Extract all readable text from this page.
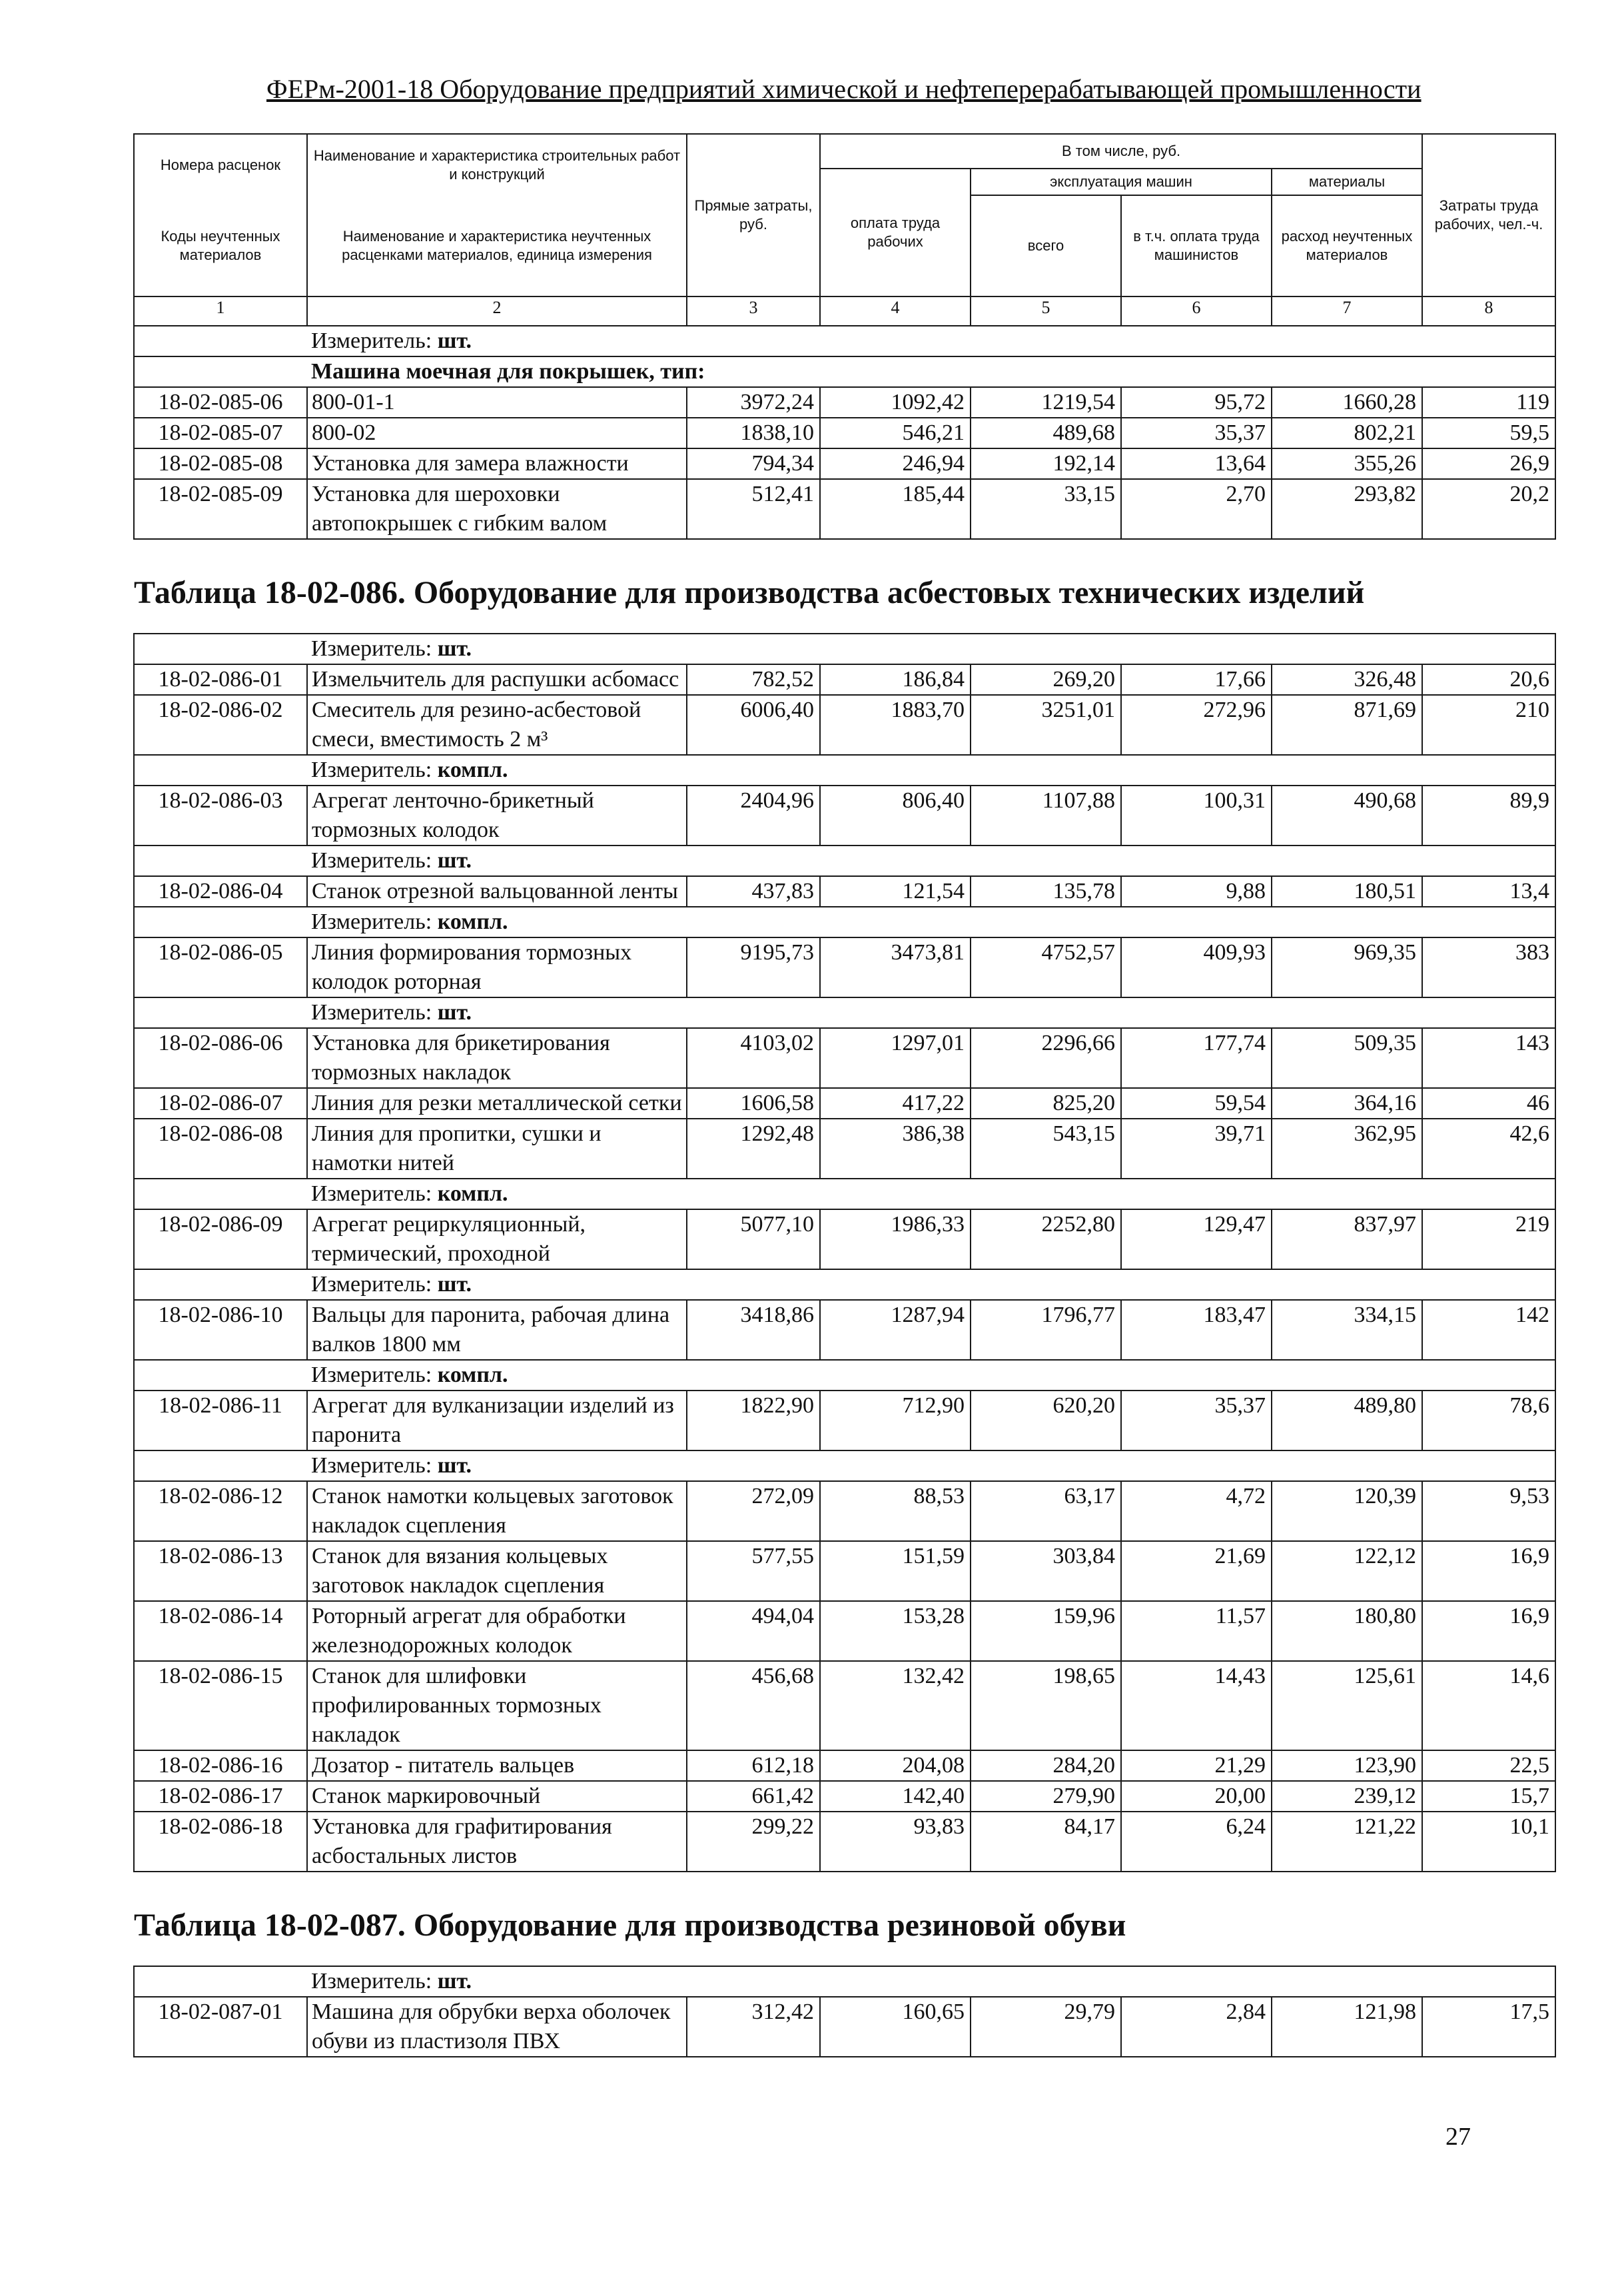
ФЕРм-2001-18 Оборудование предприятий химической и нефтеперерабатывающей промышленности
Номера расценок	Наименование и характеристика строительных работ и конструкций	Прямые затраты, руб.	В том числе, руб.				Затраты труда рабочих, чел.-ч.
			оплата труда рабочих	эксплуатация машин		материалы	
Коды неучтенных материалов	Наименование и характеристика неучтенных расценками материалов, единица измерения			всего	в т.ч. оплата труда машинистов	расход неучтенных материалов	

1	2	3	4	5	6	7	8
	Измеритель: шт.						
	Машина моечная для покрышек, тип:						
18-02-085-06	800-01-1	3972,24	1092,42	1219,54	95,72	1660,28	119
18-02-085-07	800-02	1838,10	546,21	489,68	35,37	802,21	59,5
18-02-085-08	Установка для замера влажности	794,34	246,94	192,14	13,64	355,26	26,9
18-02-085-09	Установка для шероховки автопокрышек с гибким валом	512,41	185,44	33,15	2,70	293,82	20,2
Таблица 18-02-086. Оборудование для производства асбестовых технических изделий							
	Измеритель: шт.						
18-02-086-01	Измельчитель для распушки асбомасс	782,52	186,84	269,20	17,66	326,48	20,6
18-02-086-02	Смеситель для резино-асбестовой смеси, вместимость 2 м³	6006,40	1883,70	3251,01	272,96	871,69	210
	Измеритель: компл.						
18-02-086-03	Агрегат ленточно-брикетный тормозных колодок	2404,96	806,40	1107,88	100,31	490,68	89,9
	Измеритель: шт.						
18-02-086-04	Станок отрезной вальцованной ленты	437,83	121,54	135,78	9,88	180,51	13,4
	Измеритель: компл.						
18-02-086-05	Линия формирования тормозных колодок роторная	9195,73	3473,81	4752,57	409,93	969,35	383
	Измеритель: шт.						
18-02-086-06	Установка для брикетирования тормозных накладок	4103,02	1297,01	2296,66	177,74	509,35	143
18-02-086-07	Линия для резки металлической сетки	1606,58	417,22	825,20	59,54	364,16	46
18-02-086-08	Линия для пропитки, сушки и намотки нитей	1292,48	386,38	543,15	39,71	362,95	42,6
	Измеритель: компл.						
18-02-086-09	Агрегат рециркуляционный, термический, проходной	5077,10	1986,33	2252,80	129,47	837,97	219
	Измеритель: шт.						
18-02-086-10	Вальцы для паронита, рабочая длина валков 1800 мм	3418,86	1287,94	1796,77	183,47	334,15	142
	Измеритель: компл.						
18-02-086-11	Агрегат для вулканизации изделий из паронита	1822,90	712,90	620,20	35,37	489,80	78,6
	Измеритель: шт.						
18-02-086-12	Станок намотки кольцевых заготовок накладок сцепления	272,09	88,53	63,17	4,72	120,39	9,53
18-02-086-13	Станок для вязания кольцевых заготовок накладок сцепления	577,55	151,59	303,84	21,69	122,12	16,9
18-02-086-14	Роторный агрегат для обработки железнодорожных колодок	494,04	153,28	159,96	11,57	180,80	16,9
18-02-086-15	Станок для шлифовки профилированных тормозных накладок	456,68	132,42	198,65	14,43	125,61	14,6
18-02-086-16	Дозатор - питатель вальцев	612,18	204,08	284,20	21,29	123,90	22,5
18-02-086-17	Станок маркировочный	661,42	142,40	279,90	20,00	239,12	15,7
18-02-086-18	Установка для графитирования асбостальных листов	299,22	93,83	84,17	6,24	121,22	10,1
Таблица 18-02-087. Оборудование для производства резиновой обуви							
	Измеритель: шт.						
18-02-087-01	Машина для обрубки верха оболочек обуви из пластизоля ПВХ	312,42	160,65	29,79	2,84	121,98	17,5
27
